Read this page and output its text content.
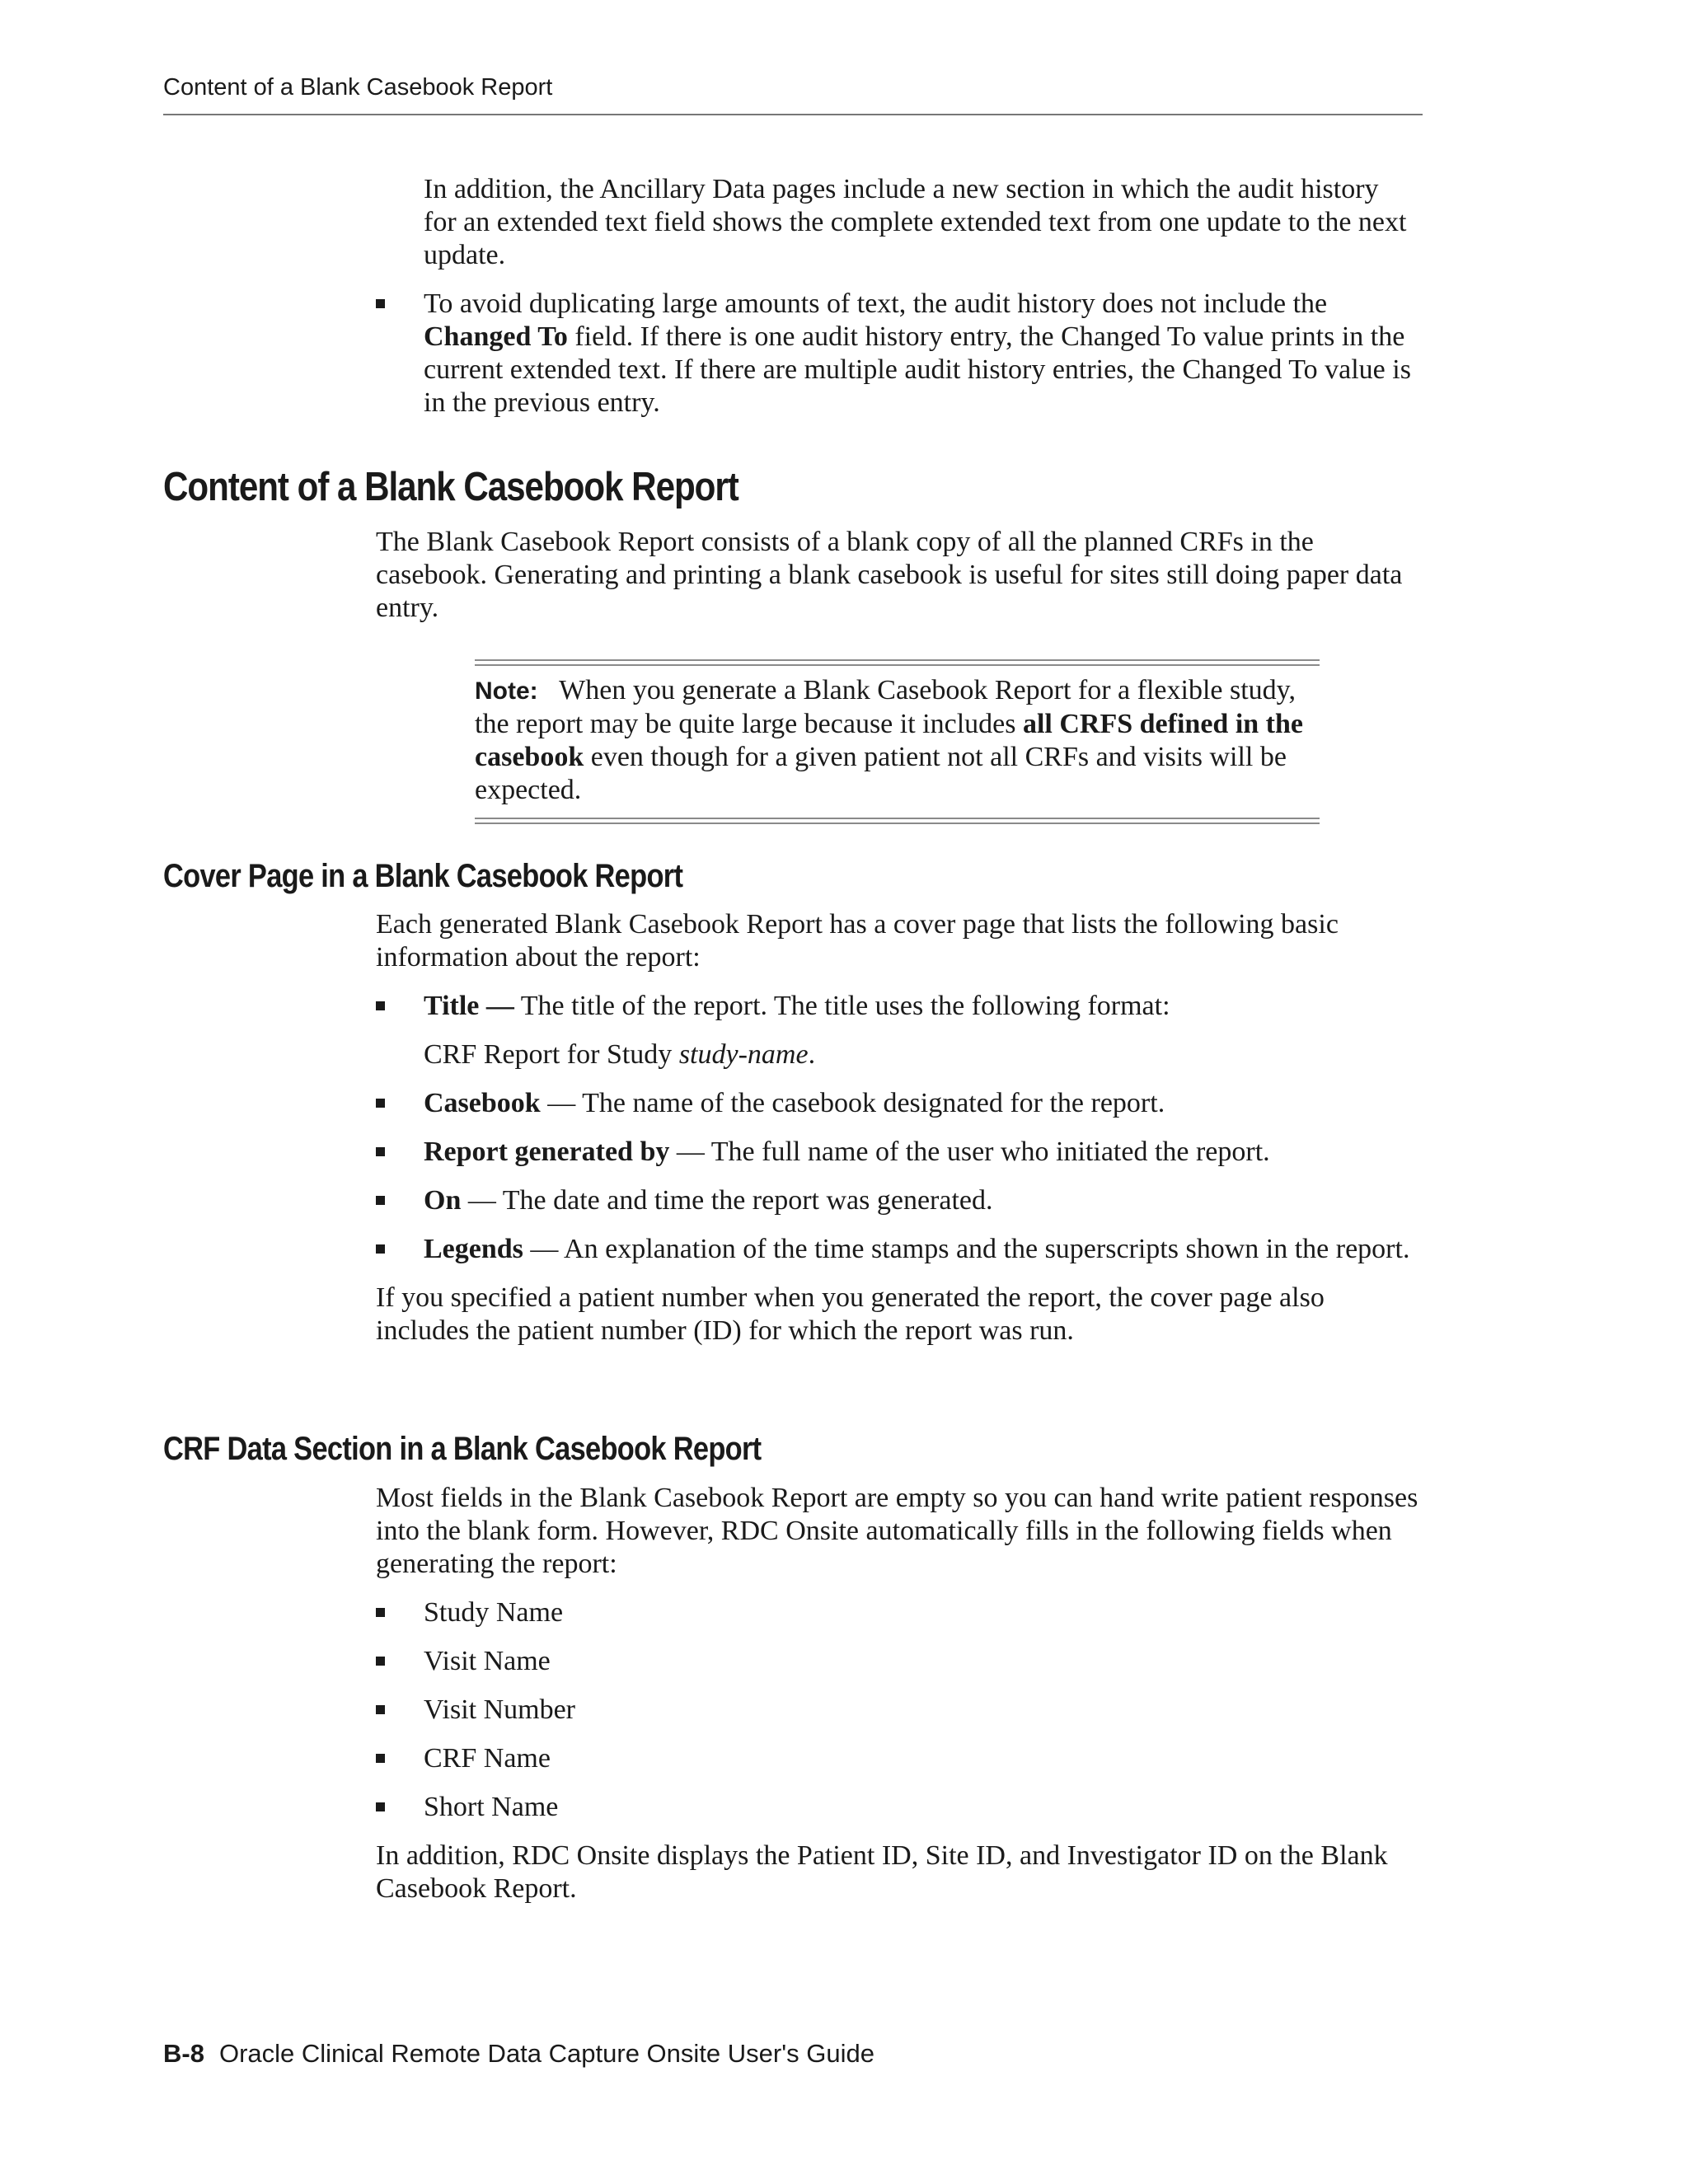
Content of a Blank Casebook Report

In addition, the Ancillary Data pages include a new section in which the audit history for an extended text field shows the complete extended text from one update to the next update.

To avoid duplicating large amounts of text, the audit history does not include the Changed To field. If there is one audit history entry, the Changed To value prints in the current extended text. If there are multiple audit history entries, the Changed To value is in the previous entry.

Content of a Blank Casebook Report

The Blank Casebook Report consists of a blank copy of all the planned CRFs in the casebook. Generating and printing a blank casebook is useful for sites still doing paper data entry.

Note: When you generate a Blank Casebook Report for a flexible study, the report may be quite large because it includes all CRFS defined in the casebook even though for a given patient not all CRFs and visits will be expected.

Cover Page in a Blank Casebook Report

Each generated Blank Casebook Report has a cover page that lists the following basic information about the report:

Title — The title of the report. The title uses the following format:

CRF Report for Study study-name.

Casebook — The name of the casebook designated for the report.

Report generated by — The full name of the user who initiated the report.

On — The date and time the report was generated.

Legends — An explanation of the time stamps and the superscripts shown in the report.

If you specified a patient number when you generated the report, the cover page also includes the patient number (ID) for which the report was run.

CRF Data Section in a Blank Casebook Report

Most fields in the Blank Casebook Report are empty so you can hand write patient responses into the blank form. However, RDC Onsite automatically fills in the following fields when generating the report:

Study Name

Visit Name

Visit Number

CRF Name

Short Name

In addition, RDC Onsite displays the Patient ID, Site ID, and Investigator ID on the Blank Casebook Report.

B-8 Oracle Clinical Remote Data Capture Onsite User's Guide
